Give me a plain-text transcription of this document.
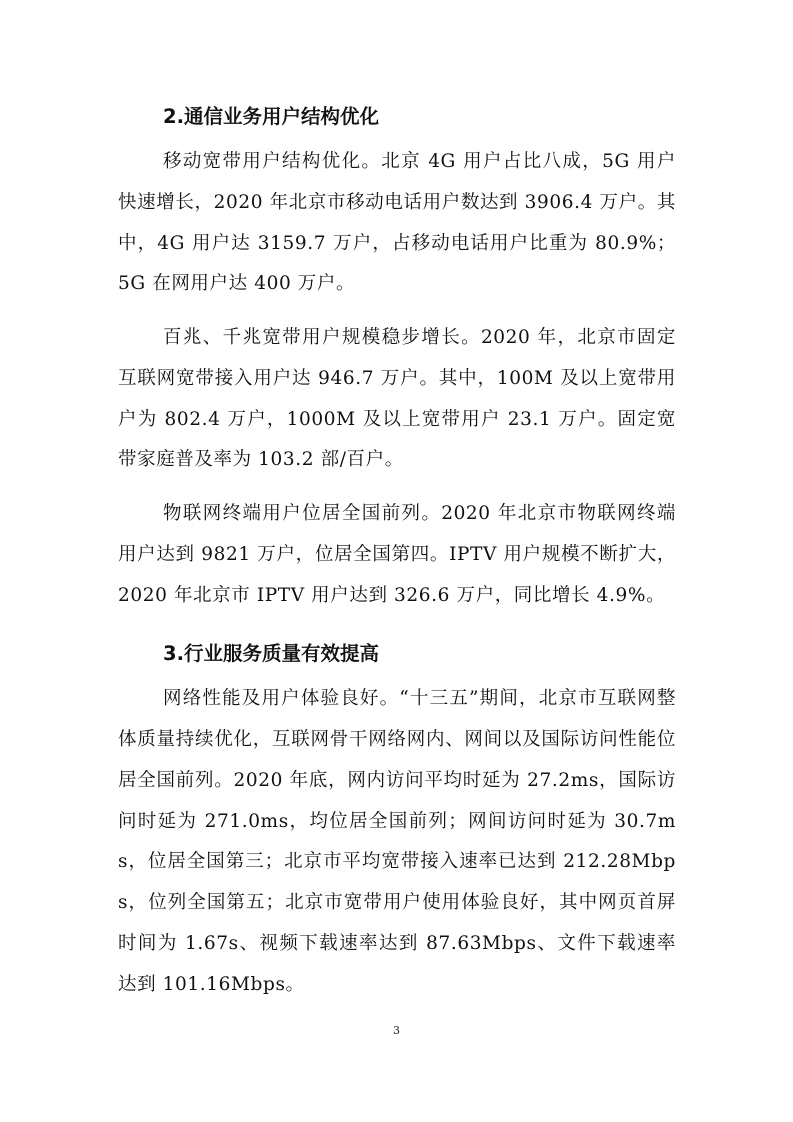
2.通信业务用户结构优化

移动宽带用户结构优化。北京 4G 用户占比八成，5G 用户快速增长，2020 年北京市移动电话用户数达到 3906.4 万户。其中，4G 用户达 3159.7 万户，占移动电话用户比重为 80.9%；5G 在网用户达 400 万户。

百兆、千兆宽带用户规模稳步增长。2020 年，北京市固定互联网宽带接入用户达 946.7 万户。其中，100M 及以上宽带用户为 802.4 万户，1000M 及以上宽带用户 23.1 万户。固定宽带家庭普及率为 103.2 部/百户。

物联网终端用户位居全国前列。2020 年北京市物联网终端用户达到 9821 万户，位居全国第四。IPTV 用户规模不断扩大，2020 年北京市 IPTV 用户达到 326.6 万户，同比增长 4.9%。

3.行业服务质量有效提高

网络性能及用户体验良好。“十三五”期间，北京市互联网整体质量持续优化，互联网骨干网络网内、网间以及国际访问性能位居全国前列。2020 年底，网内访问平均时延为 27.2ms，国际访问时延为 271.0ms，均位居全国前列；网间访问时延为 30.7ms，位居全国第三；北京市平均宽带接入速率已达到 212.28Mbps，位列全国第五；北京市宽带用户使用体验良好，其中网页首屏时间为 1.67s、视频下载速率达到 87.63Mbps、文件下载速率达到 101.16Mbps。

3
